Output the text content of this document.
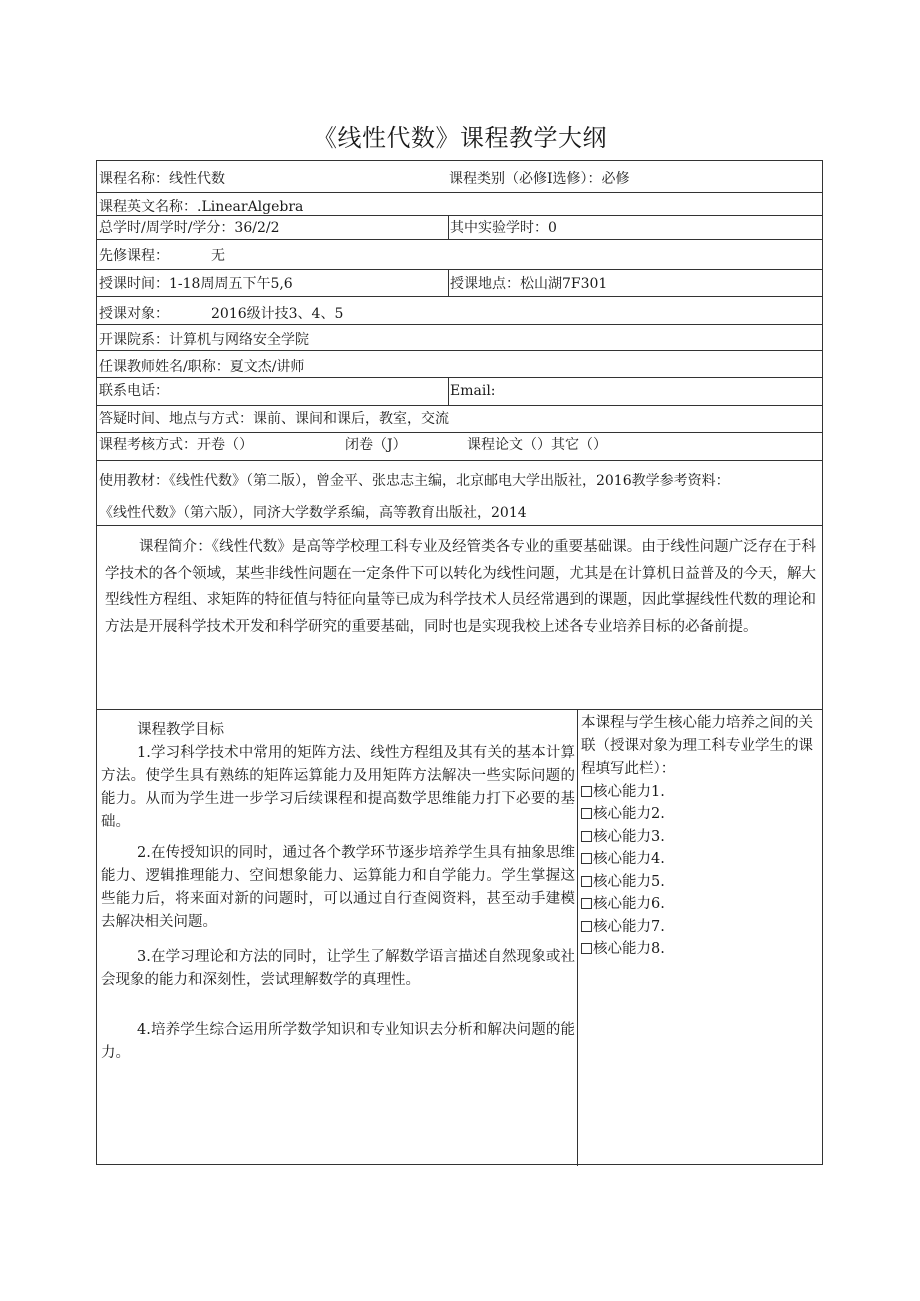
《线性代数》课程教学大纲
课程名称：线性代数	课程类别（必修I选修）：必修
课程英文名称：.LinearAlgebra
总学时/周学时/学分：36/2/2	其中实验学时：0
先修课程：	无
授课时间：1-18周周五下午5,6	授课地点：松山湖7F301
授课对象：	2016级计技3、4、5
开课院系：计算机与网络安全学院
任课教师姓名/职称：夏文杰/讲师
联系电话：	Email:
答疑时间、地点与方式：课前、课间和课后，教室，交流
课程考核方式：开卷（）	闭卷（J）	课程论文（）其它（）
使用教材：《线性代数》（第二版），曾金平、张忠志主编，北京邮电大学出版社，2016教学参考资料：
《线性代数》（第六版），同济大学数学系编，高等教育出版社，2014
课程简介：《线性代数》是高等学校理工科专业及经管类各专业的重要基础课。由于线性问题广泛存在于科学技术的各个领域，某些非线性问题在一定条件下可以转化为线性问题，尤其是在计算机日益普及的今天，解大型线性方程组、求矩阵的特征值与特征向量等已成为科学技术人员经常遇到的课题，因此掌握线性代数的理论和方法是开展科学技术开发和科学研究的重要基础，同时也是实现我校上述各专业培养目标的必备前提。
课程教学目标
1.学习科学技术中常用的矩阵方法、线性方程组及其有关的基本计算方法。使学生具有熟练的矩阵运算能力及用矩阵方法解决一些实际问题的能力。从而为学生进一步学习后续课程和提高数学思维能力打下必要的基础。
2.在传授知识的同时，通过各个教学环节逐步培养学生具有抽象思维能力、逻辑推理能力、空间想象能力、运算能力和自学能力。学生掌握这些能力后，将来面对新的问题时，可以通过自行查阅资料，甚至动手建模去解决相关问题。
3.在学习理论和方法的同时，让学生了解数学语言描述自然现象或社会现象的能力和深刻性，尝试理解数学的真理性。
4.培养学生综合运用所学数学知识和专业知识去分析和解决问题的能力。
本课程与学生核心能力培养之间的关联（授课对象为理工科专业学生的课程填写此栏）：
核心能力1.
核心能力2.
核心能力3.
核心能力4.
核心能力5.
核心能力6.
核心能力7.
核心能力8.
